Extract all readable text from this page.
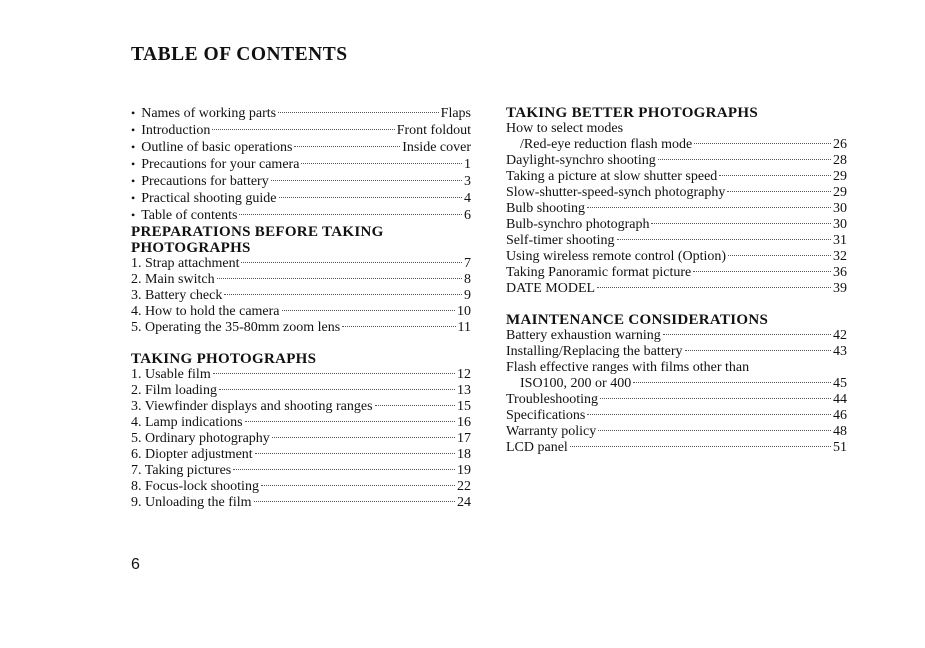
TABLE OF CONTENTS
• Names of working parts	Flaps
• Introduction	Front foldout
• Outline of basic operations	Inside cover
• Precautions for your camera	1
• Precautions for battery	3
• Practical shooting guide	4
• Table of contents	6
PREPARATIONS BEFORE TAKING
PHOTOGRAPHS
1. Strap attachment	7
2. Main switch	8
3. Battery check	9
4. How to hold the camera	10
5. Operating the 35-80mm zoom lens	11
TAKING PHOTOGRAPHS
1. Usable film	12
2. Film loading	13
3. Viewfinder displays and shooting ranges	15
4. Lamp indications	16
5. Ordinary photography	17
6. Diopter adjustment	18
7. Taking pictures	19
8. Focus-lock shooting	22
9. Unloading the film	24
TAKING BETTER PHOTOGRAPHS
How to select modes
/Red-eye reduction flash mode	26
Daylight-synchro shooting	28
Taking a picture at slow shutter speed	29
Slow-shutter-speed-synch photography	29
Bulb shooting	30
Bulb-synchro photograph	30
Self-timer shooting	31
Using wireless remote control (Option)	32
Taking Panoramic format picture	36
DATE MODEL	39
MAINTENANCE CONSIDERATIONS
Battery exhaustion warning	42
Installing/Replacing the battery	43
Flash effective ranges with films other than
ISO100, 200 or 400	45
Troubleshooting	44
Specifications	46
Warranty policy	48
LCD panel	51
6
